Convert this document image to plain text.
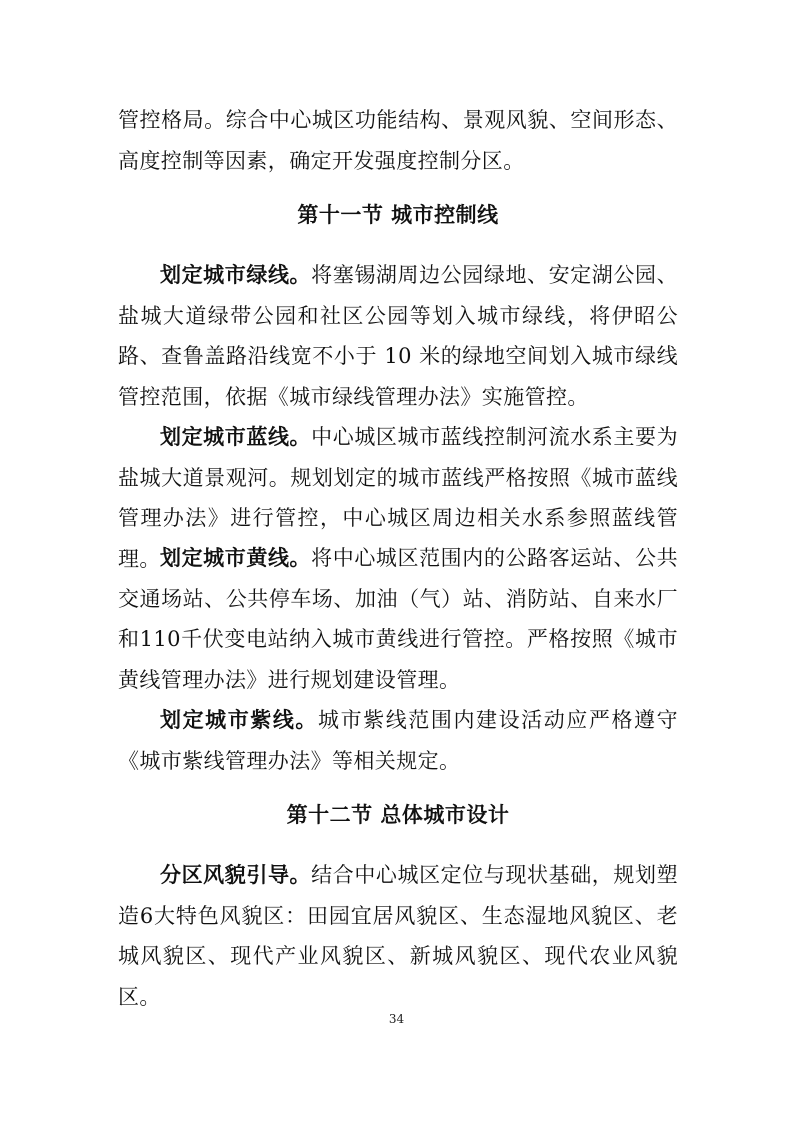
管控格局。综合中心城区功能结构、景观风貌、空间形态、高度控制等因素，确定开发强度控制分区。

第十一节 城市控制线

划定城市绿线。将塞锡湖周边公园绿地、安定湖公园、盐城大道绿带公园和社区公园等划入城市绿线，将伊昭公路、查鲁盖路沿线宽不小于 10 米的绿地空间划入城市绿线管控范围，依据《城市绿线管理办法》实施管控。

划定城市蓝线。中心城区城市蓝线控制河流水系主要为盐城大道景观河。规划划定的城市蓝线严格按照《城市蓝线管理办法》进行管控，中心城区周边相关水系参照蓝线管理。 划定城市黄线。将中心城区范围内的公路客运站、公共交通场站、公共停车场、加油（气）站、消防站、自来水厂和110千伏变电站纳入城市黄线进行管控。严格按照《城市黄线管理办法》进行规划建设管理。

划定城市紫线。城市紫线范围内建设活动应严格遵守《城市紫线管理办法》等相关规定。

第十二节 总体城市设计

分区风貌引导。结合中心城区定位与现状基础，规划塑造6大特色风貌区：田园宜居风貌区、生态湿地风貌区、老城风貌区、现代产业风貌区、新城风貌区、现代农业风貌区。

34
